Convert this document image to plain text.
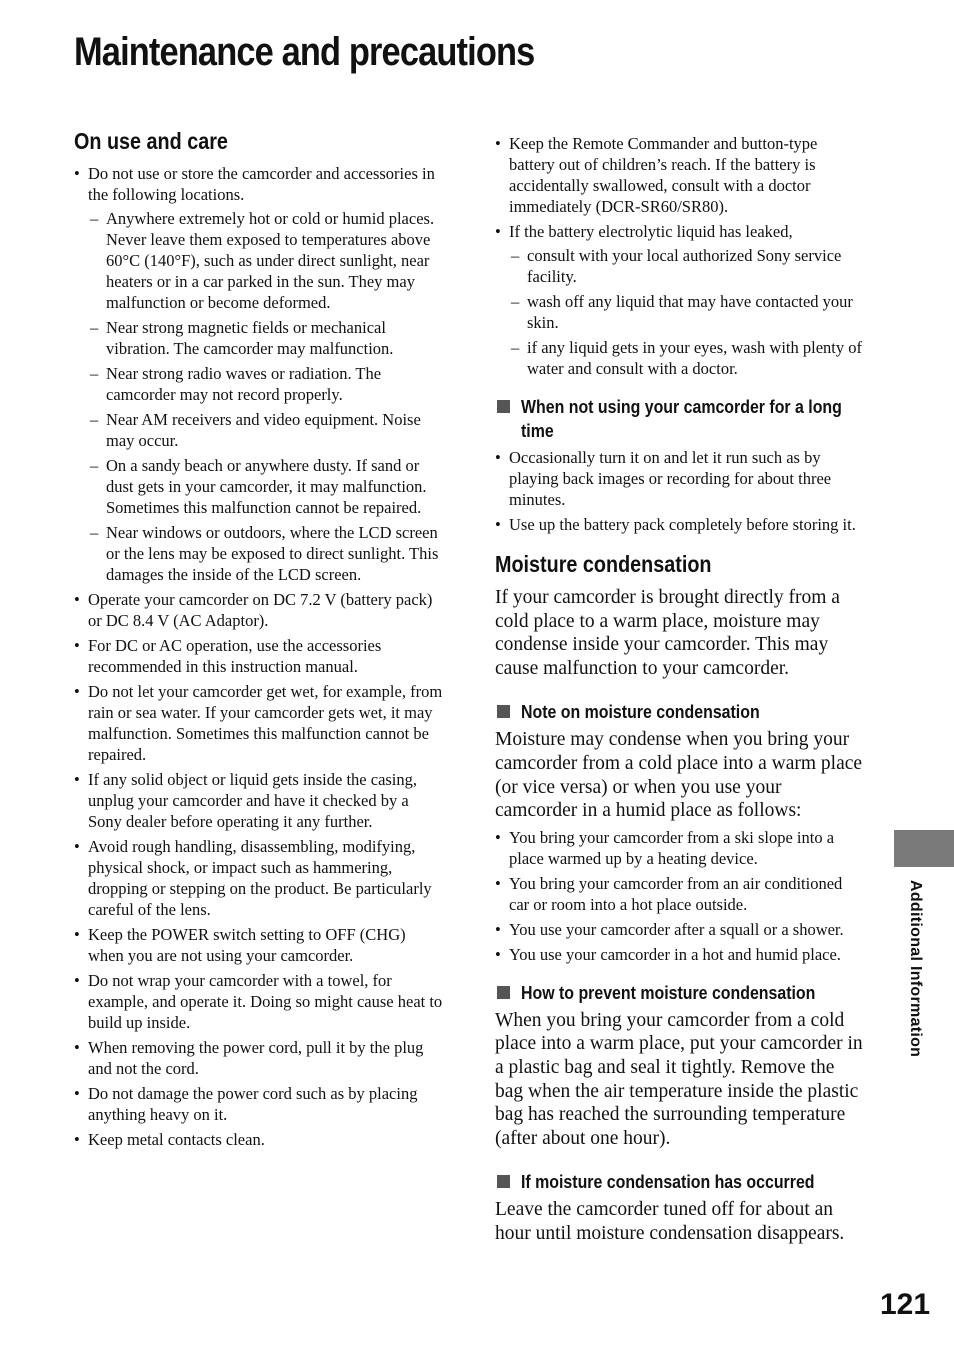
Maintenance and precautions
On use and care
• Do not use or store the camcorder and accessories in the following locations.
– Anywhere extremely hot or cold or humid places. Never leave them exposed to temperatures above 60°C (140°F), such as under direct sunlight, near heaters or in a car parked in the sun. They may malfunction or become deformed.
– Near strong magnetic fields or mechanical vibration. The camcorder may malfunction.
– Near strong radio waves or radiation. The camcorder may not record properly.
– Near AM receivers and video equipment. Noise may occur.
– On a sandy beach or anywhere dusty. If sand or dust gets in your camcorder, it may malfunction. Sometimes this malfunction cannot be repaired.
– Near windows or outdoors, where the LCD screen or the lens may be exposed to direct sunlight. This damages the inside of the LCD screen.
• Operate your camcorder on DC 7.2 V (battery pack) or DC 8.4 V (AC Adaptor).
• For DC or AC operation, use the accessories recommended in this instruction manual.
• Do not let your camcorder get wet, for example, from rain or sea water. If your camcorder gets wet, it may malfunction. Sometimes this malfunction cannot be repaired.
• If any solid object or liquid gets inside the casing, unplug your camcorder and have it checked by a Sony dealer before operating it any further.
• Avoid rough handling, disassembling, modifying, physical shock, or impact such as hammering, dropping or stepping on the product. Be particularly careful of the lens.
• Keep the POWER switch setting to OFF (CHG) when you are not using your camcorder.
• Do not wrap your camcorder with a towel, for example, and operate it. Doing so might cause heat to build up inside.
• When removing the power cord, pull it by the plug and not the cord.
• Do not damage the power cord such as by placing anything heavy on it.
• Keep metal contacts clean.
• Keep the Remote Commander and button-type battery out of children’s reach. If the battery is accidentally swallowed, consult with a doctor immediately (DCR-SR60/SR80).
• If the battery electrolytic liquid has leaked,
– consult with your local authorized Sony service facility.
– wash off any liquid that may have contacted your skin.
– if any liquid gets in your eyes, wash with plenty of water and consult with a doctor.
When not using your camcorder for a long time
• Occasionally turn it on and let it run such as by playing back images or recording for about three minutes.
• Use up the battery pack completely before storing it.
Moisture condensation

If your camcorder is brought directly from a cold place to a warm place, moisture may condense inside your camcorder. This may cause malfunction to your camcorder.

Note on moisture condensation

Moisture may condense when you bring your camcorder from a cold place into a warm place (or vice versa) or when you use your camcorder in a humid place as follows:

• You bring your camcorder from a ski slope into a place warmed up by a heating device.
• You bring your camcorder from an air conditioned car or room into a hot place outside.
• You use your camcorder after a squall or a shower.
• You use your camcorder in a hot and humid place.
How to prevent moisture condensation

When you bring your camcorder from a cold place into a warm place, put your camcorder in a plastic bag and seal it tightly. Remove the bag when the air temperature inside the plastic bag has reached the surrounding temperature (after about one hour).

If moisture condensation has occurred

Leave the camcorder tuned off for about an hour until moisture condensation disappears.

Additional Information
121
